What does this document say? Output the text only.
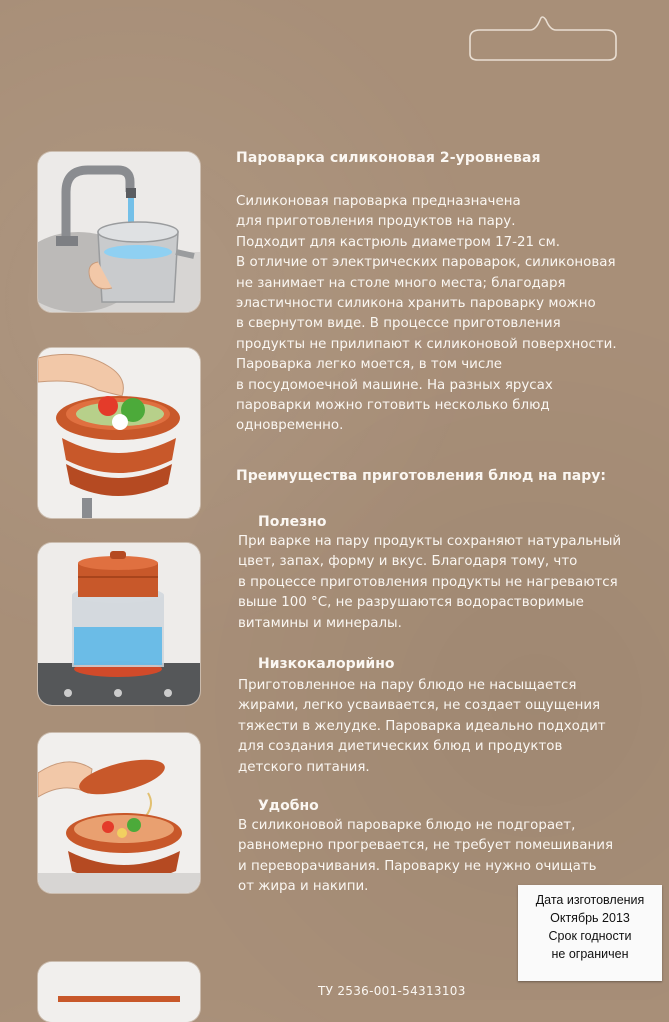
Пароварка силиконовая 2-уровневая
Силиконовая пароварка предназначена
для приготовления продуктов на пару.
Подходит для кастрюль диаметром 17-21 см.
В отличие от электрических пароварок, силиконовая
не занимает на столе много места; благодаря
эластичности силикона хранить пароварку можно
в свернутом виде. В процессе приготовления
продукты не прилипают к силиконовой поверхности.
Пароварка легко моется, в том числе
в посудомоечной машине. На разных ярусах
пароварки можно готовить несколько блюд
одновременно.
Преимущества приготовления блюд на пару:
Полезно
При варке на пару продукты сохраняют натуральный
цвет, запах, форму и вкус. Благодаря тому, что
в процессе приготовления продукты не нагреваются
выше 100 °С, не разрушаются водорастворимые
витамины и минералы.
Низкокалорийно
Приготовленное на пару блюдо не насыщается
жирами, легко усваивается, не создает ощущения
тяжести в желудке. Пароварка идеально подходит
для создания диетических блюд и продуктов
детского питания.
Удобно
В силиконовой пароварке блюдо не подгорает,
равномерно прогревается, не требует помешивания
и переворачивания. Пароварку не нужно очищать
от жира и накипи.
Дата изготовления
Октябрь 2013
Срок годности
не ограничен
ТУ 2536-001-54313103
